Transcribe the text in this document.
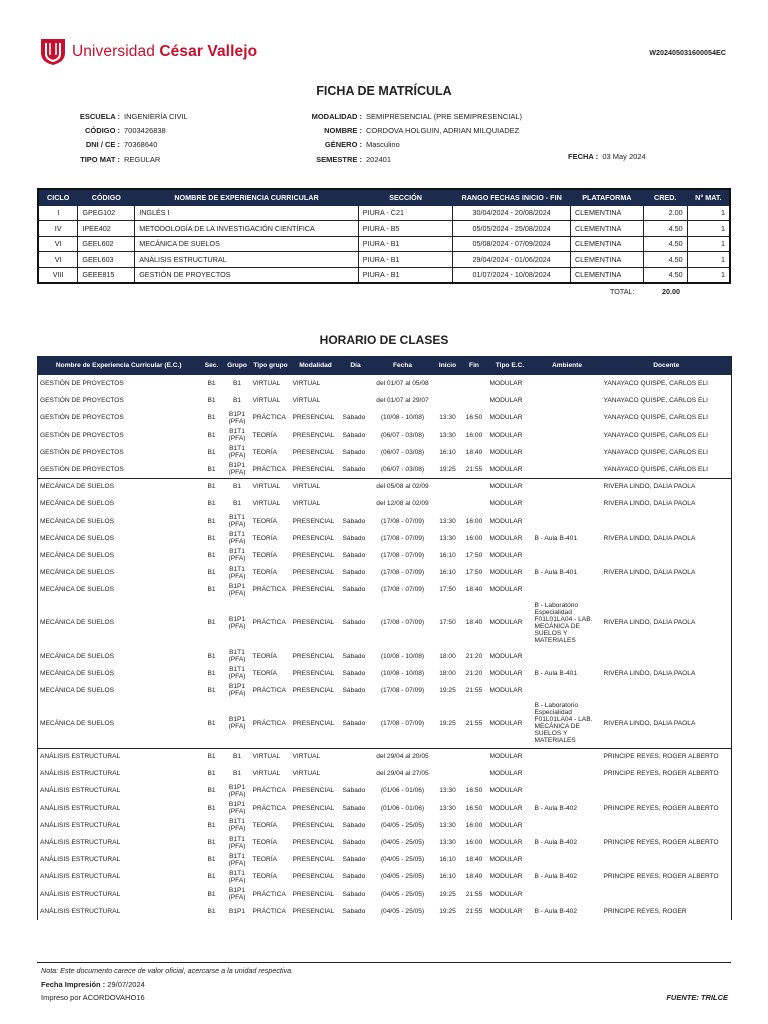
Universidad César Vallejo	W202405031600054EC
FICHA DE MATRÍCULA
ESCUELA : INGENIERÍA CIVIL
CÓDIGO : 7003426838
DNI / CE : 70368640
TIPO MAT : REGULAR
MODALIDAD : SEMIPRESENCIAL (PRE SEMIPRESENCIAL)
NOMBRE : CORDOVA HOLGUIN, ADRIAN MILQUIADEZ
GÉNERO : Masculino
SEMESTRE : 202401	FECHA : 03 May 2024
CICLO	CÓDIGO	NOMBRE DE EXPERIENCIA CURRICULAR	SECCIÓN	RANGO FECHAS INICIO - FIN	PLATAFORMA	CRED.	N° MAT.
I	GPEG102	INGLÉS I	PIURA - C21	30/04/2024 - 20/08/2024	CLEMENTINA	2.00	1
IV	IPEE402	METODOLOGÍA DE LA INVESTIGACIÓN CIENTÍFICA	PIURA - B5	05/05/2024 - 25/08/2024	CLEMENTINA	4.50	1
VI	GEEL602	MECÁNICA DE SUELOS	PIURA - B1	05/08/2024 - 07/09/2024	CLEMENTINA	4.50	1
VI	GEEL603	ANÁLISIS ESTRUCTURAL	PIURA - B1	29/04/2024 - 01/06/2024	CLEMENTINA	4.50	1
VIII	GEEE815	GESTIÓN DE PROYECTOS	PIURA - B1	01/07/2024 - 10/08/2024	CLEMENTINA	4.50	1
TOTAL:	20.00
HORARIO DE CLASES
Nombre de Experiencia Curricular (E.C.)	Sec.	Grupo	Tipo grupo	Modalidad	Día	Fecha	Inicio	Fin	Tipo E.C.	Ambiente	Docente
GESTIÓN DE PROYECTOS	B1	B1	VIRTUAL	VIRTUAL		del 01/07 al 05/08			MODULAR		YANAYACO QUISPE, CARLOS ELI
GESTIÓN DE PROYECTOS	B1	B1	VIRTUAL	VIRTUAL		del 01/07 al 29/07			MODULAR		YANAYACO QUISPE, CARLOS ELI
GESTIÓN DE PROYECTOS	B1	B1P1 (PFA)	PRÁCTICA	PRESENCIAL	Sábado	(10/08 - 10/08)	13:30	16:50	MODULAR		YANAYACO QUISPE, CARLOS ELI
GESTIÓN DE PROYECTOS	B1	B1T1 (PFA)	TEORÍA	PRESENCIAL	Sábado	(06/07 - 03/08)	13:30	16:00	MODULAR		YANAYACO QUISPE, CARLOS ELI
GESTIÓN DE PROYECTOS	B1	B1T1 (PFA)	TEORÍA	PRESENCIAL	Sábado	(06/07 - 03/08)	16:10	18:40	MODULAR		YANAYACO QUISPE, CARLOS ELI
GESTIÓN DE PROYECTOS	B1	B1P1 (PFA)	PRÁCTICA	PRESENCIAL	Sábado	(06/07 - 03/08)	19:25	21:55	MODULAR		YANAYACO QUISPE, CARLOS ELI
MECÁNICA DE SUELOS	B1	B1	VIRTUAL	VIRTUAL		del 05/08 al 02/09			MODULAR		RIVERA LINDO, DALIA PAOLA
MECÁNICA DE SUELOS	B1	B1	VIRTUAL	VIRTUAL		del 12/08 al 02/09			MODULAR		RIVERA LINDO, DALIA PAOLA
MECÁNICA DE SUELOS	B1	B1T1 (PFA)	TEORÍA	PRESENCIAL	Sábado	(17/08 - 07/09)	13:30	16:00	MODULAR		
MECÁNICA DE SUELOS	B1	B1T1 (PFA)	TEORÍA	PRESENCIAL	Sábado	(17/08 - 07/09)	13:30	16:00	MODULAR	B - Aula B-401	RIVERA LINDO, DALIA PAOLA
MECÁNICA DE SUELOS	B1	B1T1 (PFA)	TEORÍA	PRESENCIAL	Sábado	(17/08 - 07/09)	16:10	17:50	MODULAR		
MECÁNICA DE SUELOS	B1	B1T1 (PFA)	TEORÍA	PRESENCIAL	Sábado	(17/08 - 07/09)	16:10	17:50	MODULAR	B - Aula B-401	RIVERA LINDO, DALIA PAOLA
MECÁNICA DE SUELOS	B1	B1P1 (PFA)	PRÁCTICA	PRESENCIAL	Sábado	(17/08 - 07/09)	17:50	18:40	MODULAR		
MECÁNICA DE SUELOS	B1	B1P1 (PFA)	PRÁCTICA	PRESENCIAL	Sábado	(17/08 - 07/09)	17:50	18:40	MODULAR	B - Laboratorio Especialidad F01L01LA04 - LAB. MECÁNICA DE SUELOS Y MATERIALES	RIVERA LINDO, DALIA PAOLA
MECÁNICA DE SUELOS	B1	B1T1 (PFA)	TEORÍA	PRESENCIAL	Sábado	(10/08 - 10/08)	18:00	21:20	MODULAR		
MECÁNICA DE SUELOS	B1	B1T1 (PFA)	TEORÍA	PRESENCIAL	Sábado	(10/08 - 10/08)	18:00	21:20	MODULAR	B - Aula B-401	RIVERA LINDO, DALIA PAOLA
MECÁNICA DE SUELOS	B1	B1P1 (PFA)	PRÁCTICA	PRESENCIAL	Sábado	(17/08 - 07/09)	19:25	21:55	MODULAR		
MECÁNICA DE SUELOS	B1	B1P1 (PFA)	PRÁCTICA	PRESENCIAL	Sábado	(17/08 - 07/09)	19:25	21:55	MODULAR	B - Laboratorio Especialidad F01L01LA04 - LAB. MECÁNICA DE SUELOS Y MATERIALES	RIVERA LINDO, DALIA PAOLA
ANÁLISIS ESTRUCTURAL	B1	B1	VIRTUAL	VIRTUAL		del 29/04 al 20/05			MODULAR		PRINCIPE REYES, ROGER ALBERTO
ANÁLISIS ESTRUCTURAL	B1	B1	VIRTUAL	VIRTUAL		del 29/04 al 27/05			MODULAR		PRINCIPE REYES, ROGER ALBERTO
ANÁLISIS ESTRUCTURAL	B1	B1P1 (PFA)	PRÁCTICA	PRESENCIAL	Sábado	(01/06 - 01/06)	13:30	16:50	MODULAR		
ANÁLISIS ESTRUCTURAL	B1	B1P1 (PFA)	PRÁCTICA	PRESENCIAL	Sábado	(01/06 - 01/06)	13:30	16:50	MODULAR	B - Aula B-402	PRINCIPE REYES, ROGER ALBERTO
ANÁLISIS ESTRUCTURAL	B1	B1T1 (PFA)	TEORÍA	PRESENCIAL	Sábado	(04/05 - 25/05)	13:30	16:00	MODULAR		
ANÁLISIS ESTRUCTURAL	B1	B1T1 (PFA)	TEORÍA	PRESENCIAL	Sábado	(04/05 - 25/05)	13:30	16:00	MODULAR	B - Aula B-402	PRINCIPE REYES, ROGER ALBERTO
ANÁLISIS ESTRUCTURAL	B1	B1T1 (PFA)	TEORÍA	PRESENCIAL	Sábado	(04/05 - 25/05)	16:10	18:40	MODULAR		
ANÁLISIS ESTRUCTURAL	B1	B1T1 (PFA)	TEORÍA	PRESENCIAL	Sábado	(04/05 - 25/05)	16:10	18:40	MODULAR	B - Aula B-402	PRINCIPE REYES, ROGER ALBERTO
ANÁLISIS ESTRUCTURAL	B1	B1P1 (PFA)	PRÁCTICA	PRESENCIAL	Sábado	(04/05 - 25/05)	19:25	21:55	MODULAR		
ANÁLISIS ESTRUCTURAL	B1	B1P1	PRÁCTICA	PRESENCIAL	Sábado	(04/05 - 25/05)	19:25	21:55	MODULAR	B - Aula B-402	PRINCIPE REYES, ROGER
Nota: Este documento carece de valor oficial, acercarse a la unidad respectiva.
Fecha Impresión : 29/07/2024
Impreso por ACORDOVAHO16	FUENTE: TRILCE
